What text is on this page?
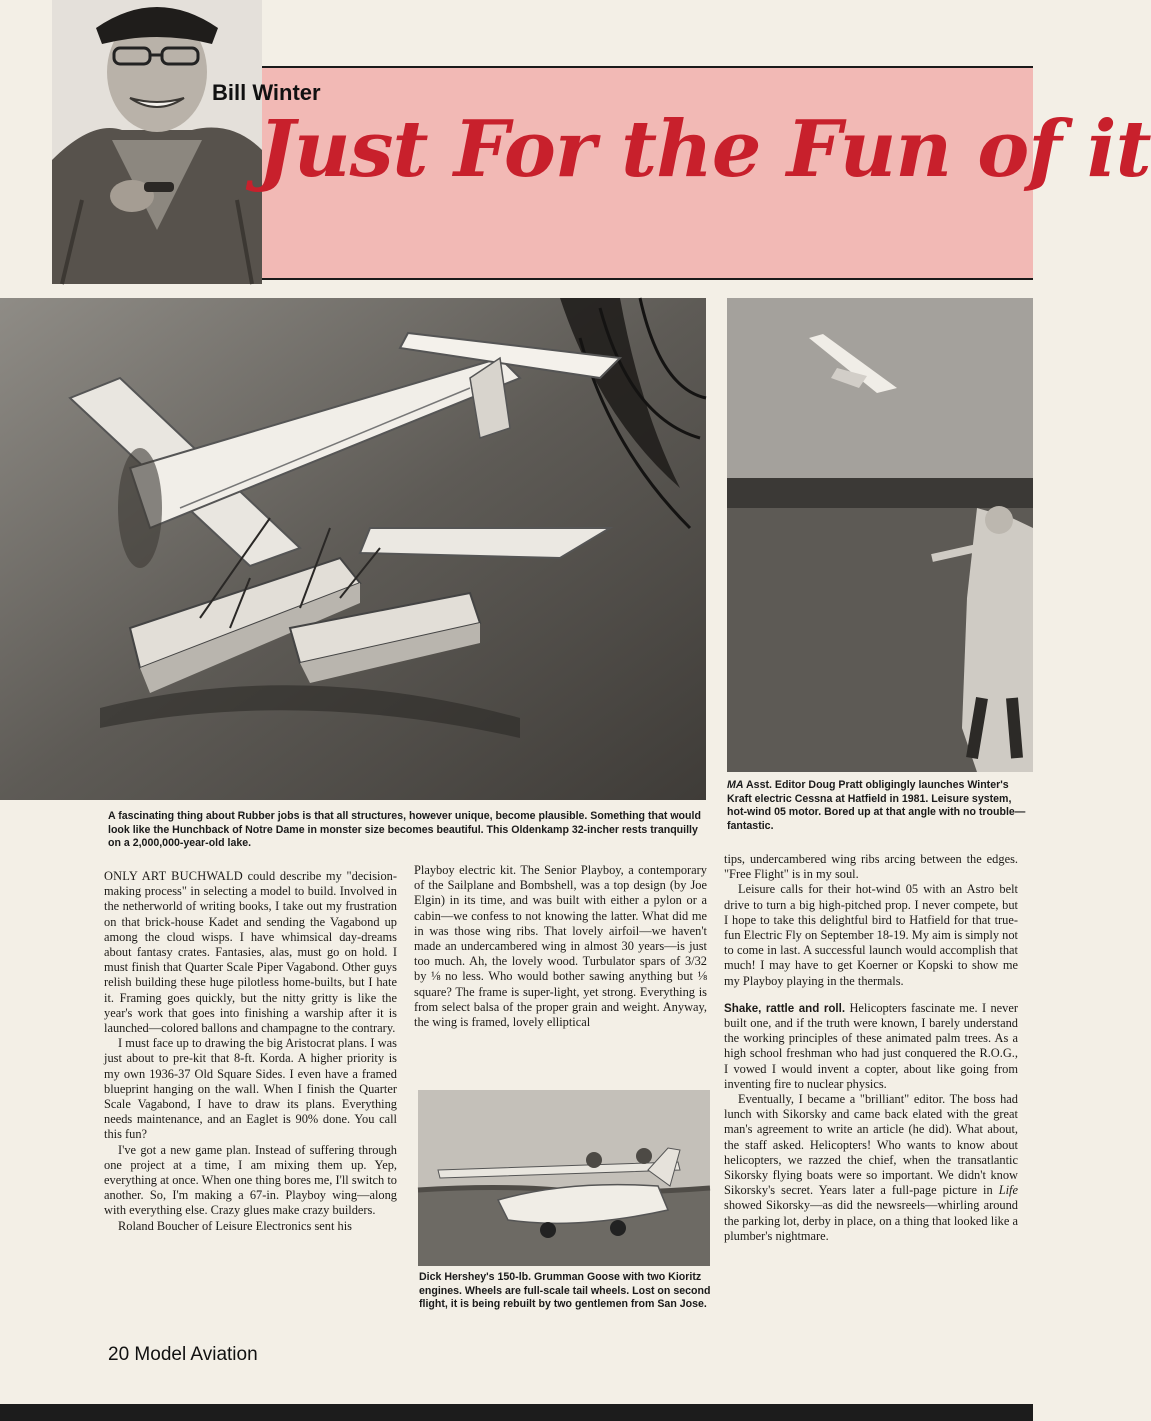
Bill Winter
Just For the Fun of it
A fascinating thing about Rubber jobs is that all structures, however unique, become plausible. Something that would look like the Hunchback of Notre Dame in monster size becomes beautiful. This Oldenkamp 32-incher rests tranquilly on a 2,000,000-year-old lake.
MA Asst. Editor Doug Pratt obligingly launches Winter's Kraft electric Cessna at Hatfield in 1981. Leisure system, hot-wind 05 motor. Bored up at that angle with no trouble—fantastic.
Dick Hershey's 150-lb. Grumman Goose with two Kioritz engines. Wheels are full-scale tail wheels. Lost on second flight, it is being rebuilt by two gentlemen from San Jose.

ONLY ART BUCHWALD could describe my "decision-making process" in selecting a model to build. Involved in the netherworld of writing books, I take out my frustration on that brick-house Kadet and sending the Vagabond up among the cloud wisps. I have whimsical day-dreams about fantasy crates. Fantasies, alas, must go on hold. I must finish that Quarter Scale Piper Vagabond. Other guys relish building these huge pilotless home-builts, but I hate it. Framing goes quickly, but the nitty gritty is like the year's work that goes into finishing a warship after it is launched—colored ballons and champagne to the contrary.

I must face up to drawing the big Aristocrat plans. I was just about to pre-kit that 8-ft. Korda. A higher priority is my own 1936-37 Old Square Sides. I even have a framed blueprint hanging on the wall. When I finish the Quarter Scale Vagabond, I have to draw its plans. Everything needs maintenance, and an Eaglet is 90% done. You call this fun?

I've got a new game plan. Instead of suffering through one project at a time, I am mixing them up. Yep, everything at once. When one thing bores me, I'll switch to another. So, I'm making a 67-in. Playboy wing—along with everything else. Crazy glues make crazy builders.

Roland Boucher of Leisure Electronics sent his

Playboy electric kit. The Senior Playboy, a contemporary of the Sailplane and Bombshell, was a top design (by Joe Elgin) in its time, and was built with either a pylon or a cabin—we confess to not knowing the latter. What did me in was those wing ribs. That lovely airfoil—we haven't made an undercambered wing in almost 30 years—is just too much. Ah, the lovely wood. Turbulator spars of 3/32 by ⅛ no less. Who would bother sawing anything but ⅛ square? The frame is super-light, yet strong. Everything is from select balsa of the proper grain and weight. Anyway, the wing is framed, lovely elliptical

tips, undercambered wing ribs arcing between the edges. "Free Flight" is in my soul.

Leisure calls for their hot-wind 05 with an Astro belt drive to turn a big high-pitched prop. I never compete, but I hope to take this delightful bird to Hatfield for that true-fun Electric Fly on September 18-19. My aim is simply not to come in last. A successful launch would accomplish that much! I may have to get Koerner or Kopski to show me my Playboy playing in the thermals.

Shake, rattle and roll. Helicopters fascinate me. I never built one, and if the truth were known, I barely understand the working principles of these animated palm trees. As a high school freshman who had just conquered the R.O.G., I vowed I would invent a copter, about like going from inventing fire to nuclear physics.

Eventually, I became a "brilliant" editor. The boss had lunch with Sikorsky and came back elated with the great man's agreement to write an article (he did). What about, the staff asked. Helicopters! Who wants to know about helicopters, we razzed the chief, when the transatlantic Sikorsky flying boats were so important. We didn't know Sikorsky's secret. Years later a full-page picture in Life showed Sikorsky—as did the newsreels—whirling around the parking lot, derby in place, on a thing that looked like a plumber's nightmare.

20 Model Aviation
